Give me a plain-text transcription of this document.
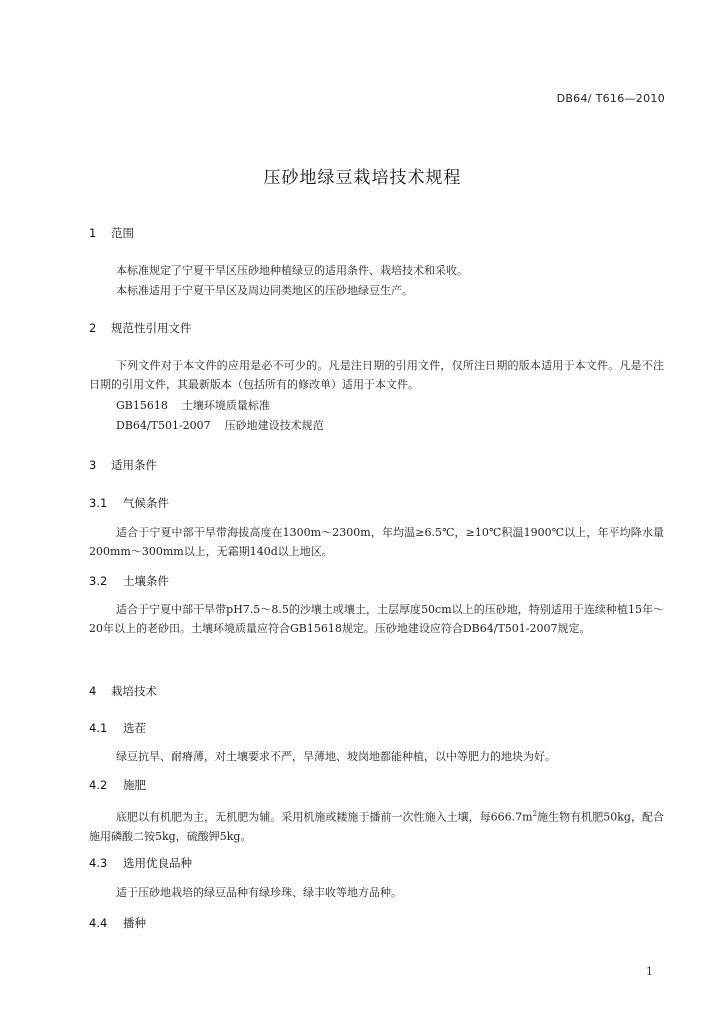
DB64/ T616—2010
压砂地绿豆栽培技术规程
1 范围
本标准规定了宁夏干旱区压砂地种植绿豆的适用条件、栽培技术和采收。
本标准适用于宁夏干旱区及周边同类地区的压砂地绿豆生产。
2 规范性引用文件
下列文件对于本文件的应用是必不可少的。凡是注日期的引用文件，仅所注日期的版本适用于本文件。凡是不注日期的引用文件，其最新版本（包括所有的修改单）适用于本文件。
GB15618 土壤环境质量标准
DB64/T501-2007 压砂地建设技术规范
3 适用条件
3.1 气候条件
适合于宁夏中部干旱带海拔高度在1300m～2300m，年均温≥6.5℃，≥10℃积温1900℃以上，年平均降水量200mm～300mm以上，无霜期140d以上地区。
3.2 土壤条件
适合于宁夏中部干旱带pH7.5～8.5的沙壤土或壤土，土层厚度50cm以上的压砂地，特别适用于连续种植15年～20年以上的老砂田。土壤环境质量应符合GB15618规定。压砂地建设应符合DB64/T501-2007规定。
4 栽培技术
4.1 选茬
绿豆抗旱、耐瘠薄，对土壤要求不严，旱薄地、坡岗地都能种植，以中等肥力的地块为好。
4.2 施肥
底肥以有机肥为主，无机肥为辅。采用机施或耧施于播前一次性施入土壤，每$666.7m^2$施生物有机肥50kg，配合施用磷酸二铵5kg，硫酸钾5kg。
4.3 选用优良品种
适于压砂地栽培的绿豆品种有绿珍珠、绿丰收等地方品种。
4.4 播种
1
